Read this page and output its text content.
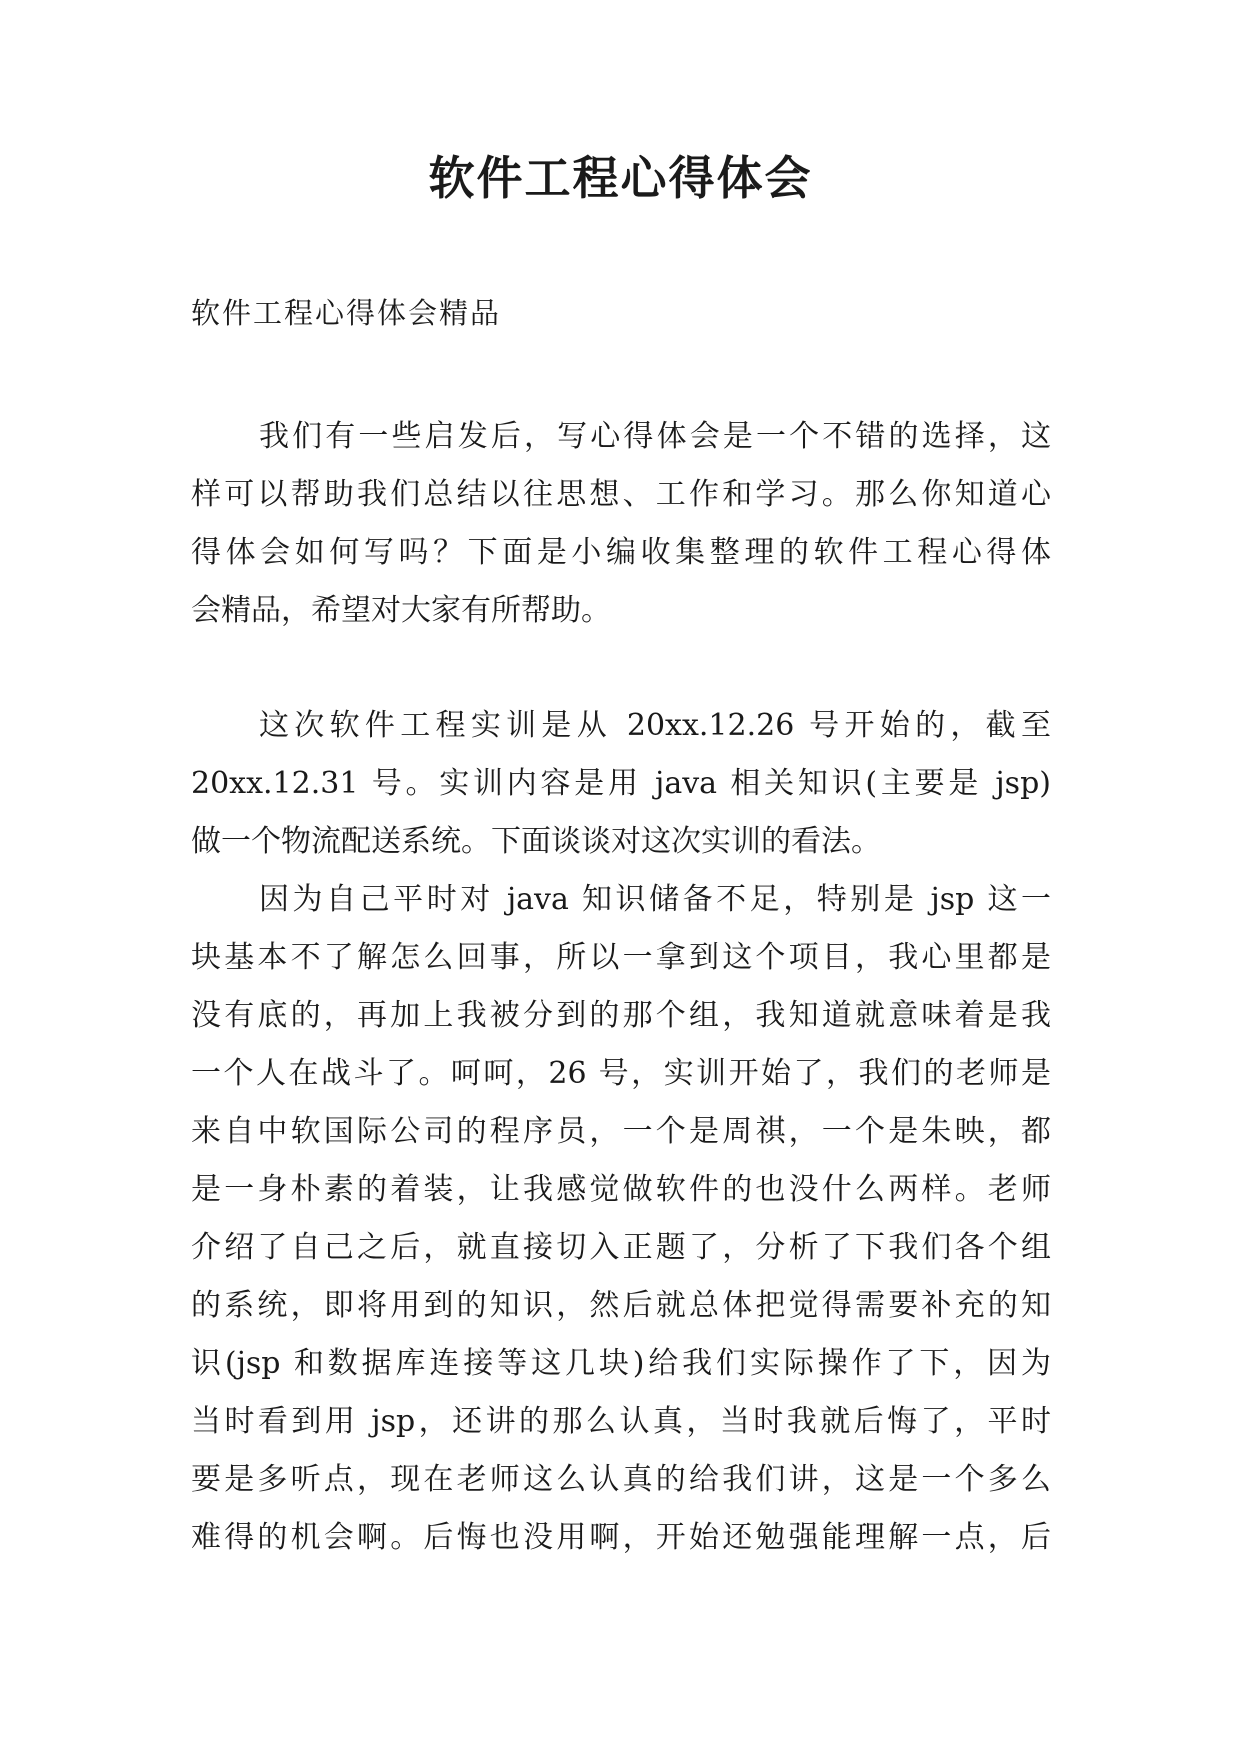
软件工程心得体会

软件工程心得体会精品

我们有一些启发后，写心得体会是一个不错的选择，这
样可以帮助我们总结以往思想、工作和学习。那么你知道心
得体会如何写吗？下面是小编收集整理的软件工程心得体
会精品，希望对大家有所帮助。
这次软件工程实训是从 20xx.12.26 号开始的，截至
20xx.12.31 号。实训内容是用 java 相关知识(主要是 jsp)
做一个物流配送系统。下面谈谈对这次实训的看法。
因为自己平时对 java 知识储备不足，特别是 jsp 这一
块基本不了解怎么回事，所以一拿到这个项目，我心里都是
没有底的，再加上我被分到的那个组，我知道就意味着是我
一个人在战斗了。呵呵，26 号，实训开始了，我们的老师是
来自中软国际公司的程序员，一个是周祺，一个是朱映，都
是一身朴素的着装，让我感觉做软件的也没什么两样。老师
介绍了自己之后，就直接切入正题了，分析了下我们各个组
的系统，即将用到的知识，然后就总体把觉得需要补充的知
识(jsp 和数据库连接等这几块)给我们实际操作了下，因为
当时看到用 jsp，还讲的那么认真，当时我就后悔了，平时
要是多听点，现在老师这么认真的给我们讲，这是一个多么
难得的机会啊。后悔也没用啊，开始还勉强能理解一点，后
